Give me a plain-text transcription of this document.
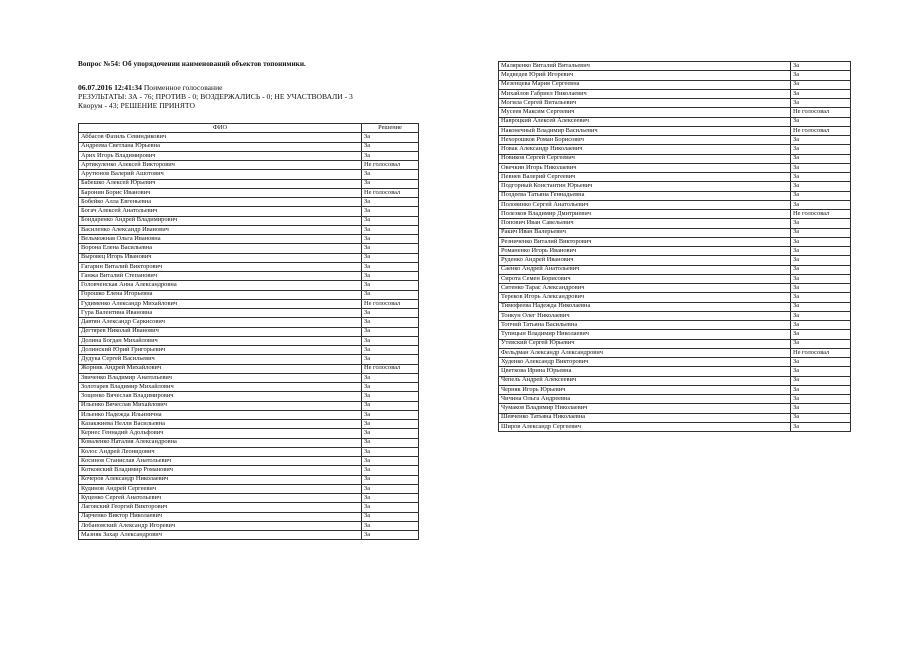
Вопрос №54: Об упорядочении наименований объектов топонимики.
06.07.2016 12:41:34 Поименное голосование
РЕЗУЛЬТАТЫ: ЗА - 76; ПРОТИВ - 0; ВОЗДЕРЖАЛИСЬ - 0; НЕ УЧАСТВОВАЛИ - 3
Кворум - 43; РЕШЕНИЕ ПРИНЯТО
ФИО	Решение
Аббасов Фазиль Севиндикович	За
Андреева Светлана Юрьевна	За
Арих Игорь Владимирович	За
Артикуленко Алексей Викторович	Не голосовал
Арутюнов Валерий Ашотович	За
Бабешко Алексей Юрьевич	За
Баронин Борис Иванович	Не голосовал
Бобейко Алла Евгеньевна	За
Богач Алексей Анатольевич	За
Бондаренко Андрей Владимирович	За
Василенко Александр Иванович	За
Вельможная Ольга Ивановна	За
Ворона Елена Васильевна	За
Выровец Игорь Иванович	За
Гагарин Виталий Викторович	За
Ганжа Виталий Степанович	За
Головченская Анна Александровна	За
Горошко Елена Игорьевна	За
Гудименко Александр Михайлович	Не голосовал
Гура Валентина Ивановна	За
Давтян Александр Саркисович	За
Дегтярев Николай Иванович	За
Долина Богдан Михайлович	За
Долинский Юрий Григорьевич	За
Дудука Сергей Васильевич	За
Жорник Андрей Михайлович	Не голосовал
Звиченко Владимир Анатольевич	За
Золотарев Владимир Михайлович	За
Зощенко Вячеслав Владимирович	За
Ильенко Вячеслав Михайлович	За
Ильенко Надежда Ильинична	За
Казакжиева Нелли Васильевна	За
Кернес Геннадий Адольфович	За
Коваленко Наталия Александровна	За
Колос Андрей Леонидович	За
Косинов Станислав Анатольевич	За
Котковский Владимир Романович	За
Кочеров Александр Николаевич	За
Кудинов Андрей Сергеевич	За
Куценко Сергей Анатольевич	За
Лаговский Георгий Викторович	За
Ларченко Виктор Николаевич	За
Лобановский Александр Игоревич	За
Мазняк Захар Александрович	За
Маляренко Виталий Витальевич	За
Медведев Юрий Игоревич	За
Мезенцева Мария Сергеевна	За
Михайлов Габриел Николаевич	За
Могила Сергей Витальевич	За
Мусеев Максим Сергеевич	Не голосовал
Навроцкий Алексей Алексеевич	За
Наконечный Владимир Васильевич	Не голосовал
Нехорошков Роман Борисович	За
Новак Александр Николаевич	За
Новиков Сергей Сергеевич	За
Овечкин Игорь Николаевич	За
Певнев Валерий Сергеевич	За
Подгорный Константин Юрьевич	За
Поздеева Татьяна Геннадьевна	За
Половинко Сергей Анатольевич	За
Полезков Владимир Дмитриевич	Не голосовал
Попович Иван Савельевич	За
Ракич Иван Валерьевич	За
Резниченко Виталий Викторович	За
Романенко Игорь Иванович	За
Руденко Андрей Иванович	За
Саенко Андрей Анатольевич	За
Сирота Семен Борисович	За
Ситенко Тарас Александрович	За
Тереков Игорь Александрович	За
Тимофеева Надежда Николаевна	За
Тонкун Олег Николаевич	За
Топчий Татьяна Васильевна	За
Тупицын Владимир Николаевич	За
Утевский Сергей Юрьевич	За
Фельдман Александр Александрович	Не голосовал
Худенко Александр Викторович	За
Цветкова Ирина Юрьевна	За
Чепель Андрей Алексеевич	За
Черняк Игорь Юрьевич	За
Чичина Ольга Андреевна	За
Чумаков Владимир Николаевич	За
Шевченко Татьяна Николаевна	За
Широв Александр Сергеевич	За
